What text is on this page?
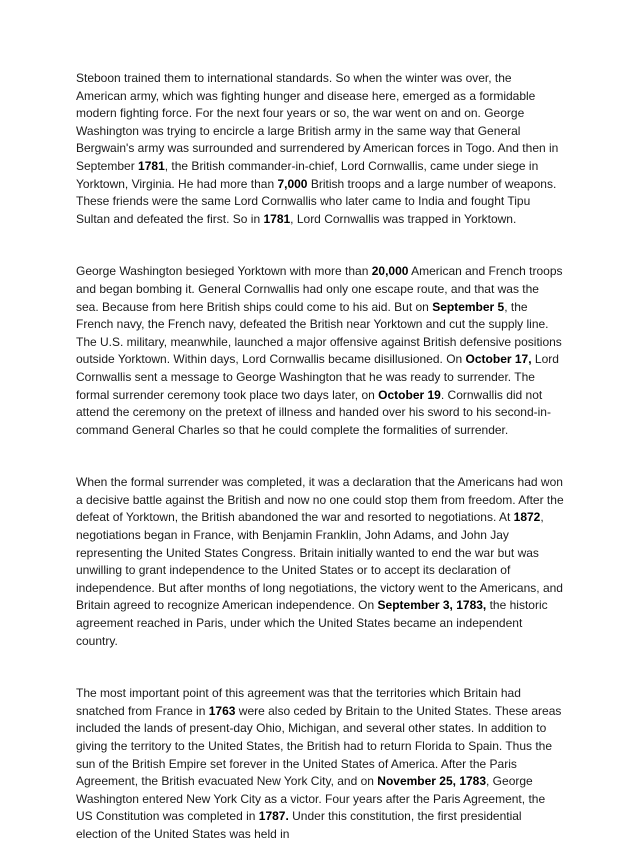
Steboon trained them to international standards. So when the winter was over, the American army, which was fighting hunger and disease here, emerged as a formidable modern fighting force. For the next four years or so, the war went on and on. George Washington was trying to encircle a large British army in the same way that General Bergwain's army was surrounded and surrendered by American forces in Togo. And then in September 1781, the British commander-in-chief, Lord Cornwallis, came under siege in Yorktown, Virginia. He had more than 7,000 British troops and a large number of weapons. These friends were the same Lord Cornwallis who later came to India and fought Tipu Sultan and defeated the first. So in 1781, Lord Cornwallis was trapped in Yorktown.

George Washington besieged Yorktown with more than 20,000 American and French troops and began bombing it. General Cornwallis had only one escape route, and that was the sea. Because from here British ships could come to his aid. But on September 5, the French navy, the French navy, defeated the British near Yorktown and cut the supply line. The U.S. military, meanwhile, launched a major offensive against British defensive positions outside Yorktown. Within days, Lord Cornwallis became disillusioned. On October 17, Lord Cornwallis sent a message to George Washington that he was ready to surrender. The formal surrender ceremony took place two days later, on October 19. Cornwallis did not attend the ceremony on the pretext of illness and handed over his sword to his second-in-command General Charles so that he could complete the formalities of surrender.

When the formal surrender was completed, it was a declaration that the Americans had won a decisive battle against the British and now no one could stop them from freedom. After the defeat of Yorktown, the British abandoned the war and resorted to negotiations. At 1872, negotiations began in France, with Benjamin Franklin, John Adams, and John Jay representing the United States Congress. Britain initially wanted to end the war but was unwilling to grant independence to the United States or to accept its declaration of independence. But after months of long negotiations, the victory went to the Americans, and Britain agreed to recognize American independence. On September 3, 1783, the historic agreement reached in Paris, under which the United States became an independent country.

The most important point of this agreement was that the territories which Britain had snatched from France in 1763 were also ceded by Britain to the United States. These areas included the lands of present-day Ohio, Michigan, and several other states. In addition to giving the territory to the United States, the British had to return Florida to Spain. Thus the sun of the British Empire set forever in the United States of America. After the Paris Agreement, the British evacuated New York City, and on November 25, 1783, George Washington entered New York City as a victor. Four years after the Paris Agreement, the US Constitution was completed in 1787. Under this constitution, the first presidential election of the United States was held in
